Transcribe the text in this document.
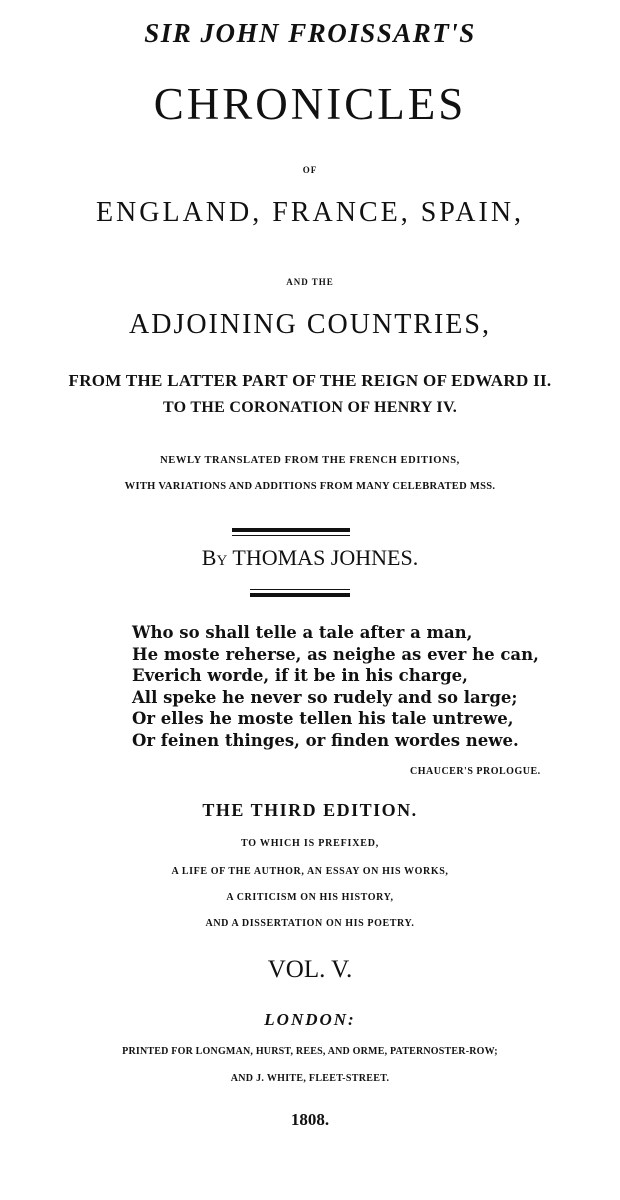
SIR JOHN FROISSART'S
CHRONICLES
OF
ENGLAND, FRANCE, SPAIN,
AND THE
ADJOINING COUNTRIES,
FROM THE LATTER PART OF THE REIGN OF EDWARD II.
TO THE CORONATION OF HENRY IV.
NEWLY TRANSLATED FROM THE FRENCH EDITIONS,
WITH VARIATIONS AND ADDITIONS FROM MANY CELEBRATED MSS.
By THOMAS JOHNES.
Who so shall telle a tale after a man,
He moste reherse, as neighe as ever he can,
Everich worde, if it be in his charge,
All speke he never so rudely and so large;
Or elles he moste tellen his tale untrewe,
Or feinen thinges, or finden wordes newe.
CHAUCER'S PROLOGUE.
THE THIRD EDITION.
TO WHICH IS PREFIXED,
A LIFE OF THE AUTHOR, AN ESSAY ON HIS WORKS,
A CRITICISM ON HIS HISTORY,
AND A DISSERTATION ON HIS POETRY.
VOL. V.
LONDON:
PRINTED FOR LONGMAN, HURST, REES, AND ORME, PATERNOSTER-ROW;
AND J. WHITE, FLEET-STREET.
1808.
